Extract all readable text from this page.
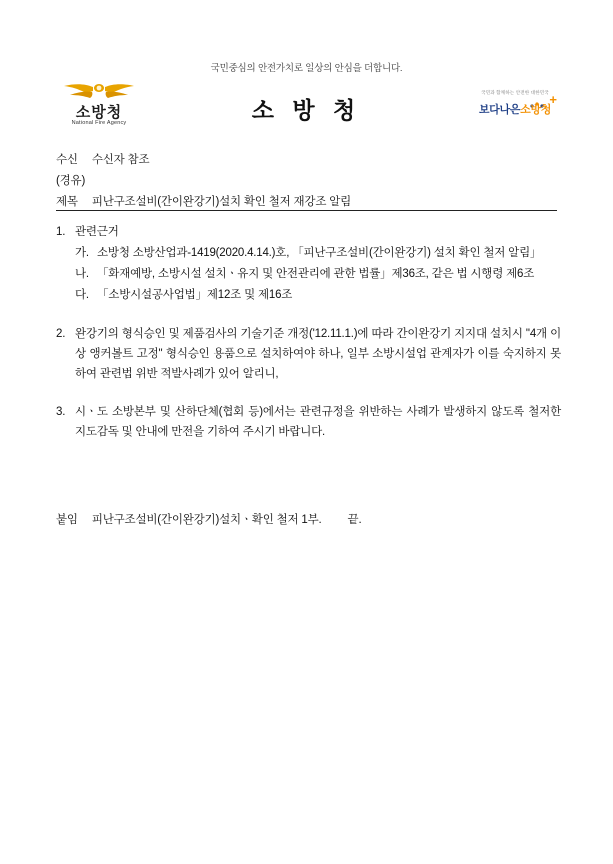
국민중심의 안전가치로 일상의 안심을 더합니다.
소방청
National Fire Agency	소 방 청
국민과 함께하는 안전한 대한민국
보다나은소방청
+
수신 수신자 참조
(경유)
제목 피난구조설비(간이완강기)설치 확인 철저 재강조 알림
1. 관련근거
가. 소방청 소방산업과-1419(2020.4.14.)호, 「피난구조설비(간이완강기) 설치 확인 철저 알림」
나. 「화재예방, 소방시설 설치ㆍ유지 및 안전관리에 관한 법률」제36조, 같은 법 시행령 제6조
다. 「소방시설공사업법」제12조 및 제16조
2. 완강기의 형식승인 및 제품검사의 기술기준 개정('12.11.1.)에 따라 간이완강기 지지대 설치시 "4개 이상 앵커볼트 고정" 형식승인 용품으로 설치하여야 하나, 일부 소방시설업 관계자가 이를 숙지하지 못하여 관련법 위반 적발사례가 있어 알리니,
3. 시ㆍ도 소방본부 및 산하단체(협회 등)에서는 관련규정을 위반하는 사례가 발생하지 않도록 철저한 지도감독 및 안내에 만전을 기하여 주시기 바랍니다.
붙임 피난구조설비(간이완강기)설치ㆍ확인 철저 1부. 끝.
